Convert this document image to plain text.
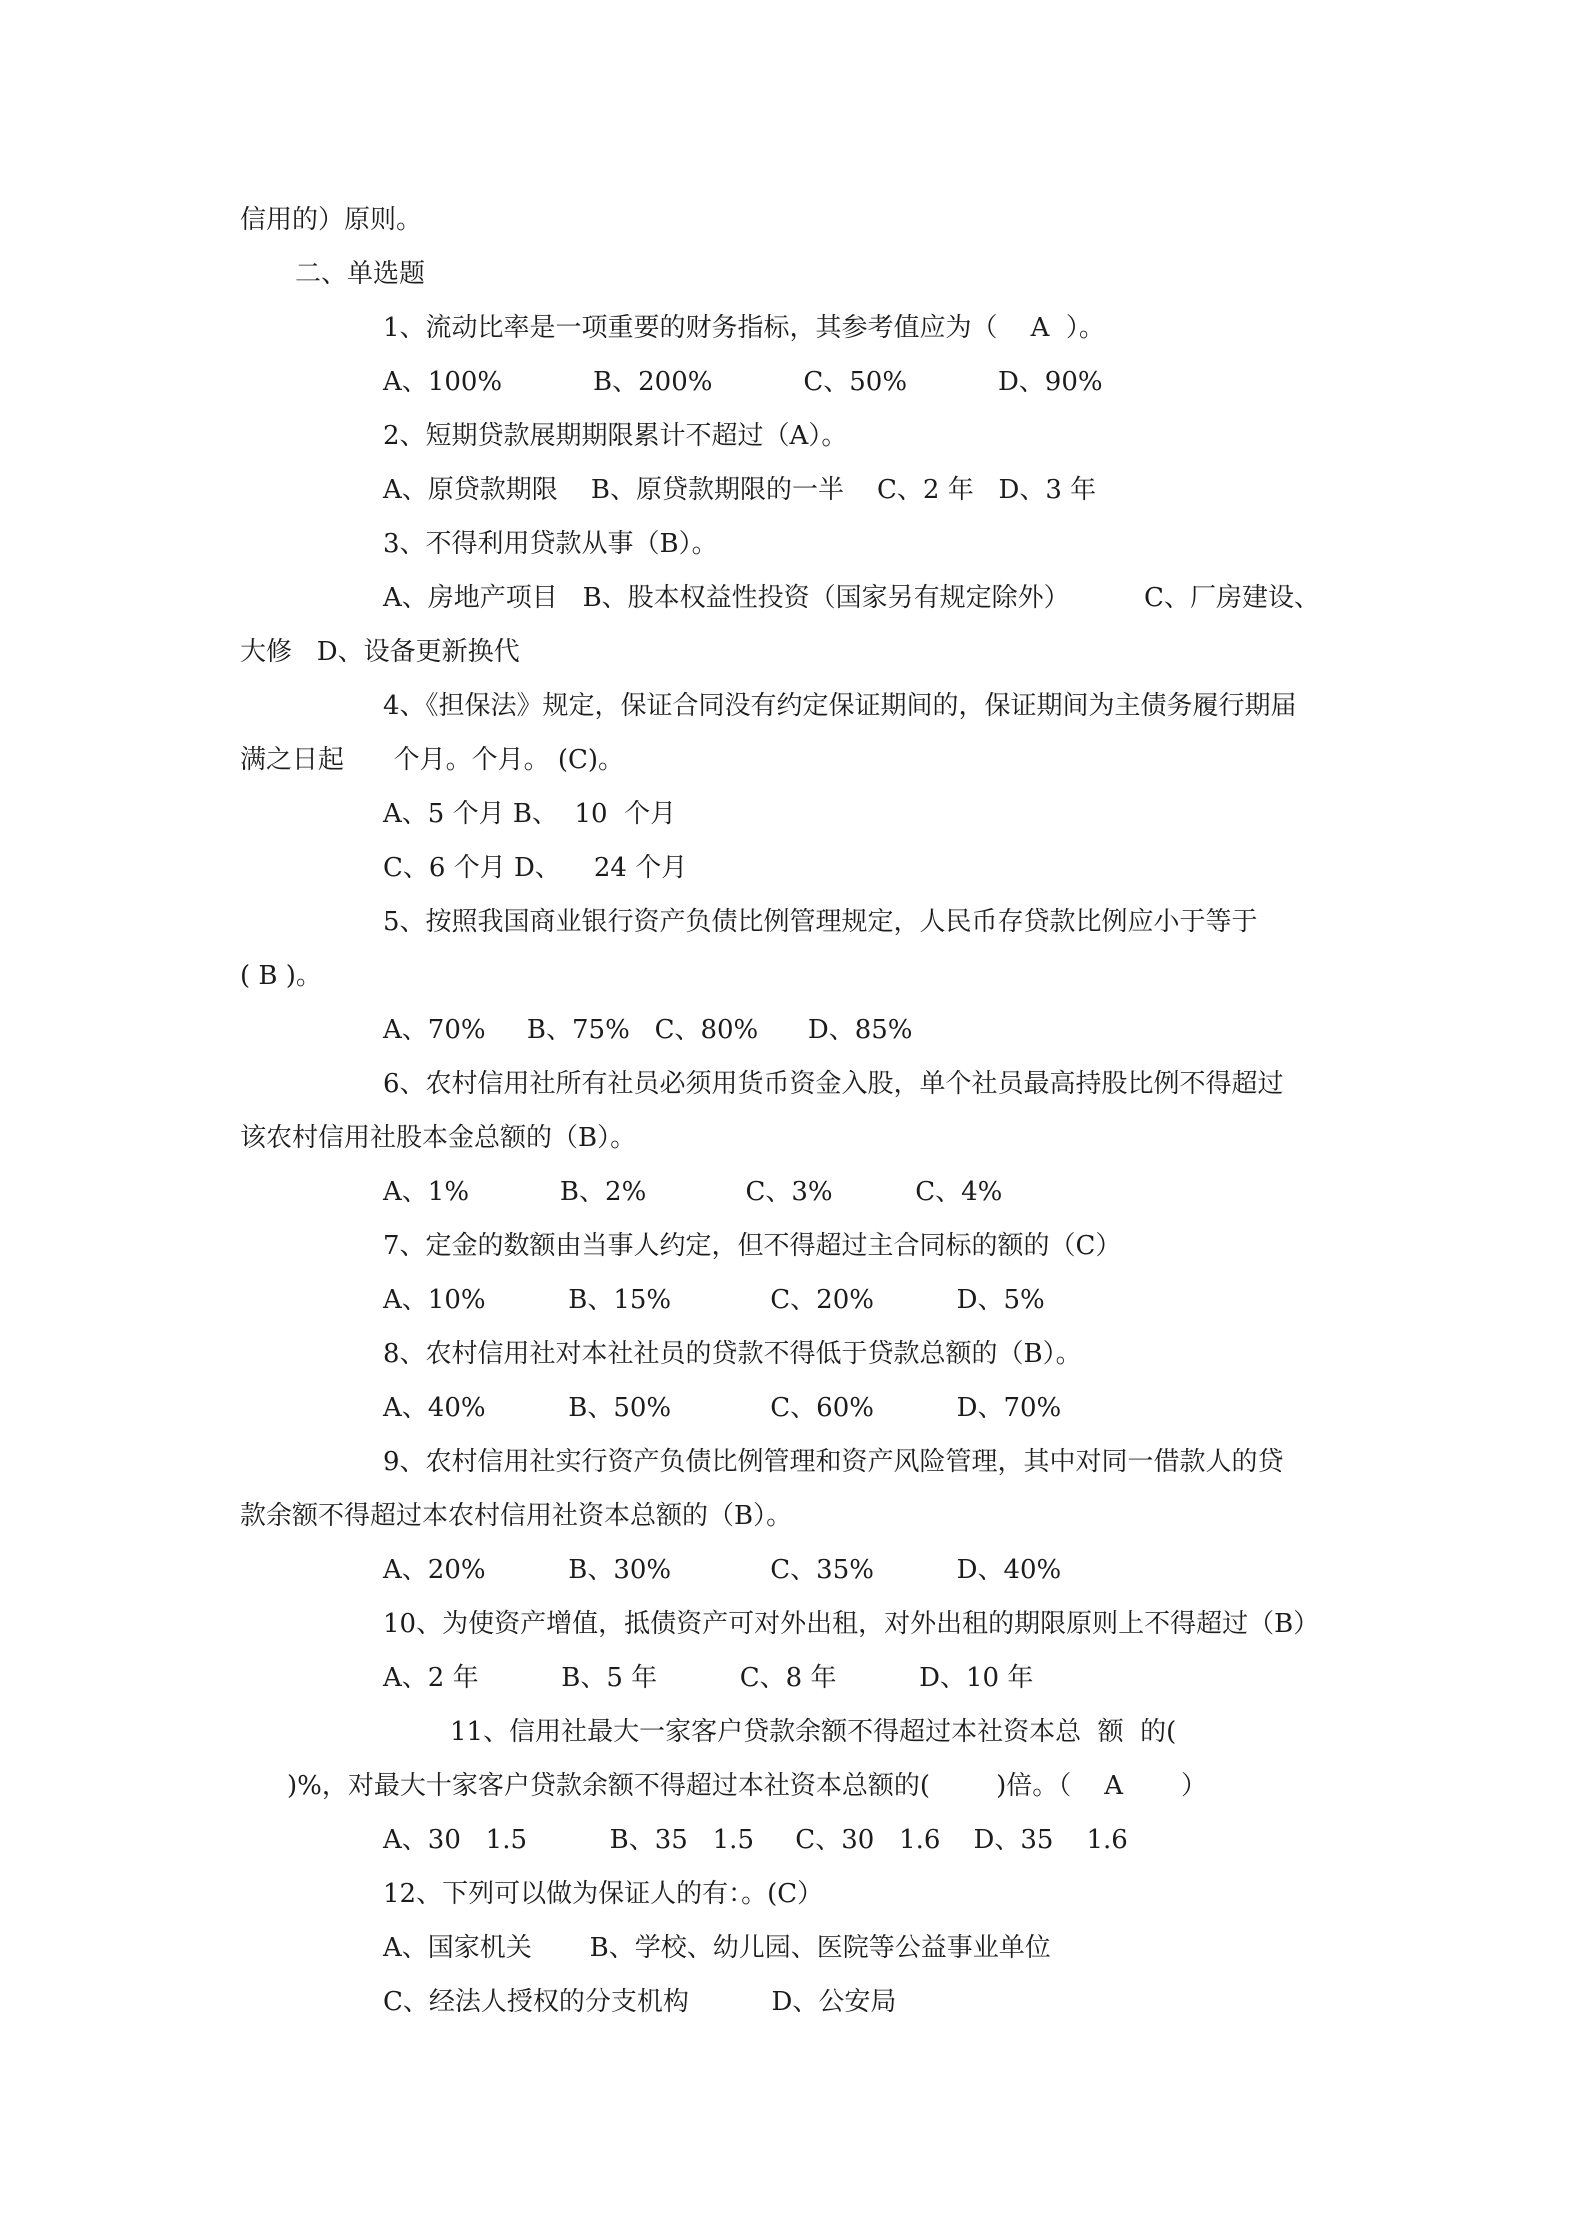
信用的）原则。
二、单选题
1、流动比率是一项重要的财务指标，其参考值应为（    A  ）。
A、100%           B、200%           C、50%           D、90%
2、短期贷款展期期限累计不超过（A）。
A、原贷款期限    B、原贷款期限的一半    C、2 年   D、3 年
3、不得利用贷款从事（B）。
A、房地产项目   B、股本权益性投资（国家另有规定除外）         C、厂房建设、
大修   D、设备更新换代
4、《担保法》规定，保证合同没有约定保证期间的，保证期间为主债务履行期届
满之日起      个月。个月。 (C)。
A、5 个月 B、  10  个月
C、6 个月 D、    24 个月
5、按照我国商业银行资产负债比例管理规定，人民币存贷款比例应小于等于
( B )。
A、70%     B、75%   C、80%      D、85%
6、农村信用社所有社员必须用货币资金入股，单个社员最高持股比例不得超过
该农村信用社股本金总额的（B）。
A、1%           B、2%            C、3%          C、4%
7、定金的数额由当事人约定，但不得超过主合同标的额的（C）
A、10%          B、15%            C、20%          D、5%
8、农村信用社对本社社员的贷款不得低于贷款总额的（B）。
A、40%          B、50%            C、60%          D、70%
9、农村信用社实行资产负债比例管理和资产风险管理，其中对同一借款人的贷
款余额不得超过本农村信用社资本总额的（B）。
A、20%          B、30%            C、35%          D、40%
10、为使资产增值，抵债资产可对外出租，对外出租的期限原则上不得超过（B）
A、2 年          B、5 年          C、8 年          D、10 年
11、信用社最大一家客户贷款余额不得超过本社资本总  额  的(
)%，对最大十家客户贷款余额不得超过本社资本总额的(        )倍。（    A       ）
A、30   1.5          B、35   1.5     C、30   1.6    D、35    1.6
12、下列可以做为保证人的有：。(C）
A、国家机关       B、学校、幼儿园、医院等公益事业单位
C、经法人授权的分支机构          D、公安局
